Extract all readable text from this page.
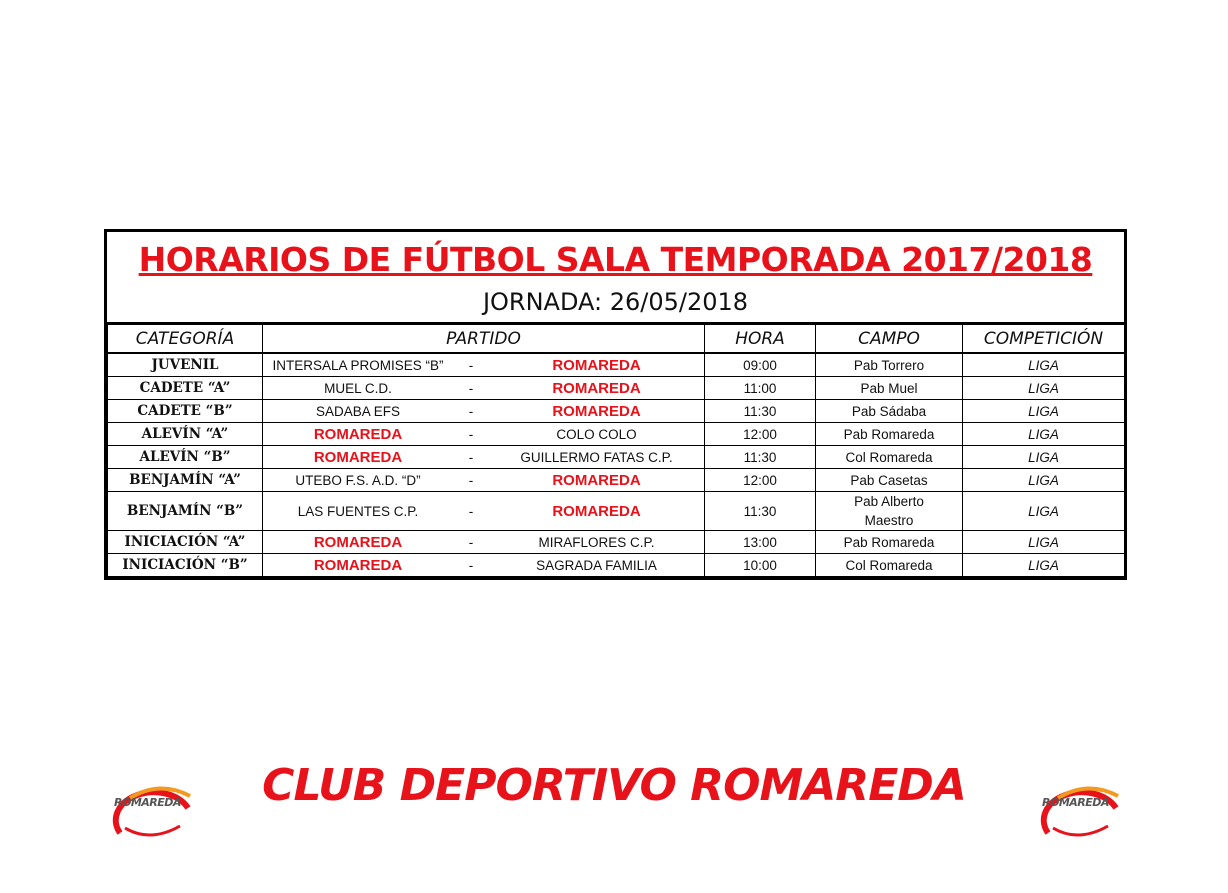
HORARIOS DE FÚTBOL SALA TEMPORADA 2017/2018
JORNADA: 26/05/2018
CATEGORÍA	PARTIDO	HORA	CAMPO	COMPETICIÓN
JUVENIL	INTERSALA PROMISES “B” - ROMAREDA	09:00	Pab Torrero	LIGA
CADETE “A”	MUEL C.D. - ROMAREDA	11:00	Pab Muel	LIGA
CADETE “B”	SADABA EFS - ROMAREDA	11:30	Pab Sádaba	LIGA
ALEVÍN “A”	ROMAREDA - COLO COLO	12:00	Pab Romareda	LIGA
ALEVÍN “B”	ROMAREDA - GUILLERMO FATAS C.P.	11:30	Col Romareda	LIGA
BENJAMÍN “A”	UTEBO F.S. A.D. “D” - ROMAREDA	12:00	Pab Casetas	LIGA
BENJAMÍN “B”	LAS FUENTES C.P. - ROMAREDA	11:30	Pab Alberto Maestro	LIGA
INICIACIÓN “A”	ROMAREDA - MIRAFLORES C.P.	13:00	Pab Romareda	LIGA
INICIACIÓN “B”	ROMAREDA - SAGRADA FAMILIA	10:00	Col Romareda	LIGA
ROMAREDA	CLUB DEPORTIVO ROMAREDA	ROMAREDA
